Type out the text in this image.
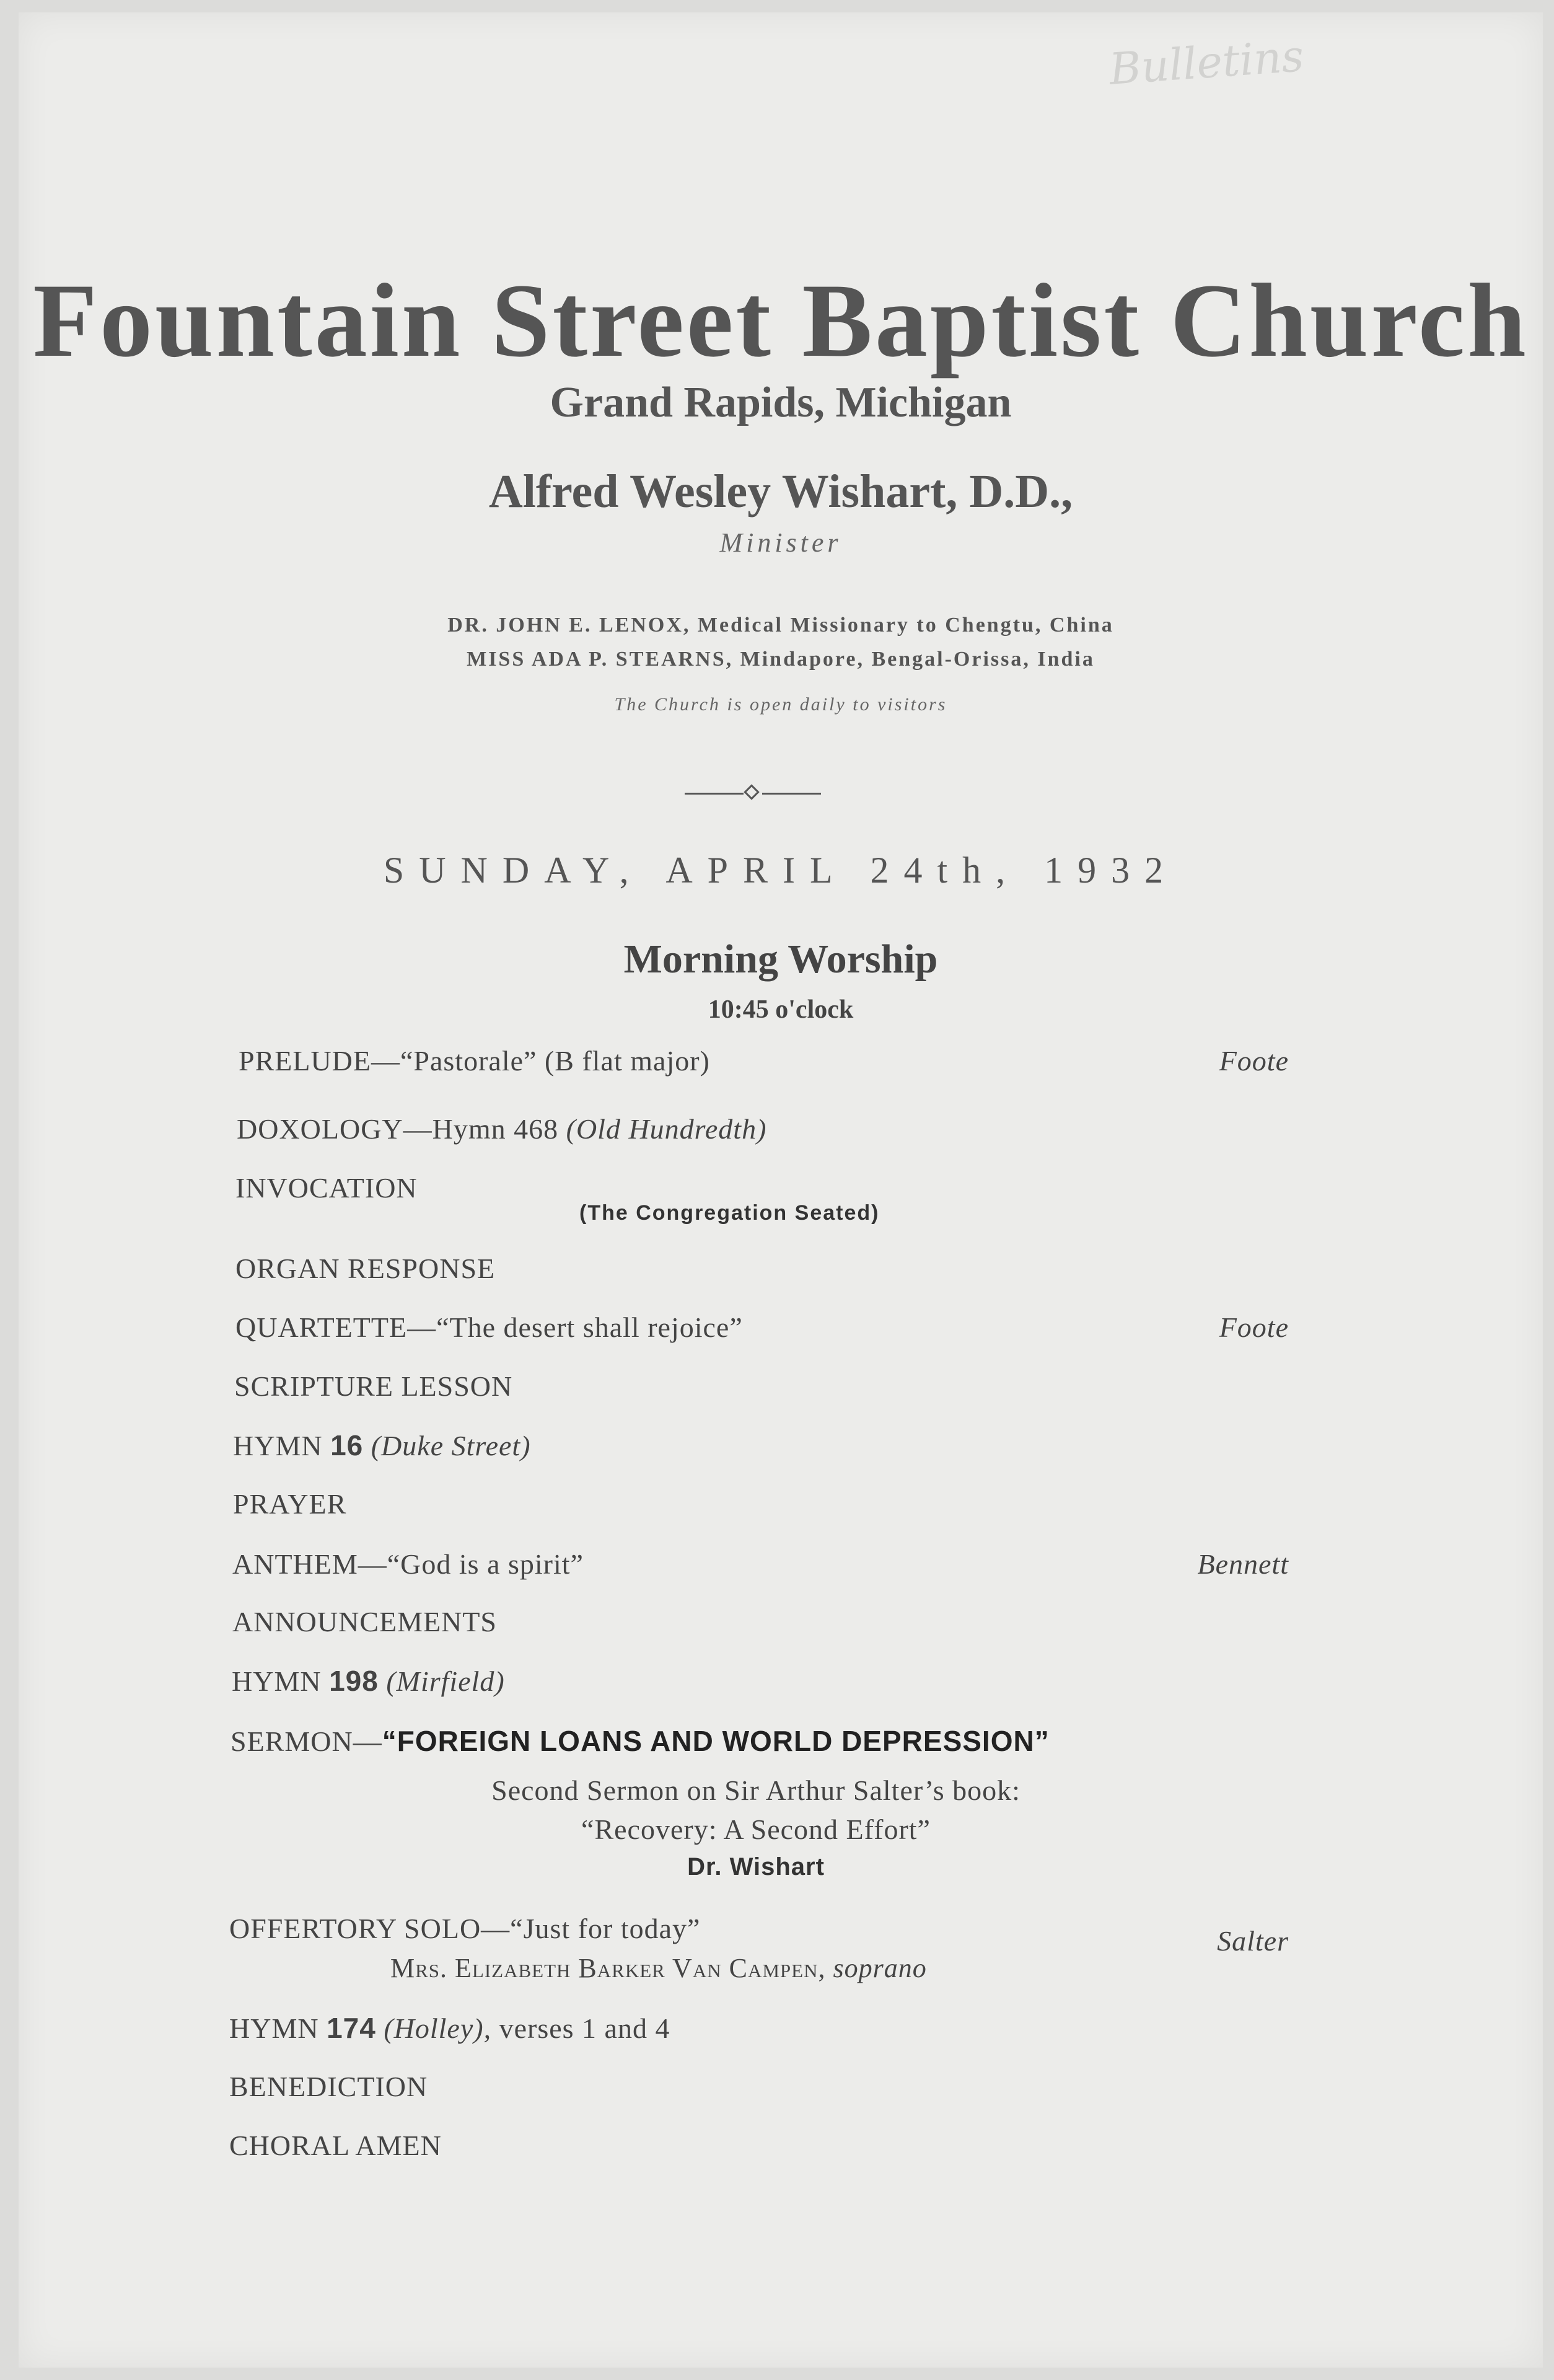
Bulletins
Fountain Street Baptist Church
Grand Rapids, Michigan
Alfred Wesley Wishart, D.D.,
Minister
DR. JOHN E. LENOX, Medical Missionary to Chengtu, China
MISS ADA P. STEARNS, Mindapore, Bengal-Orissa, India
The Church is open daily to visitors
SUNDAY, APRIL 24th, 1932
Morning Worship
10:45 o'clock
PRELUDE—“Pastorale” (B flat major)	Foote
DOXOLOGY—Hymn 468 (Old Hundredth)
INVOCATION
(The Congregation Seated)
ORGAN RESPONSE
QUARTETTE—“The desert shall rejoice”	Foote
SCRIPTURE LESSON
HYMN 16 (Duke Street)
PRAYER
ANTHEM—“God is a spirit”	Bennett
ANNOUNCEMENTS
HYMN 198 (Mirfield)
SERMON—“FOREIGN LOANS AND WORLD DEPRESSION”
Second Sermon on Sir Arthur Salter’s book:
“Recovery: A Second Effort”
Dr. Wishart
OFFERTORY SOLO—“Just for today”	Salter
Mrs. Elizabeth Barker Van Campen, soprano
HYMN 174 (Holley), verses 1 and 4
BENEDICTION
CHORAL AMEN
